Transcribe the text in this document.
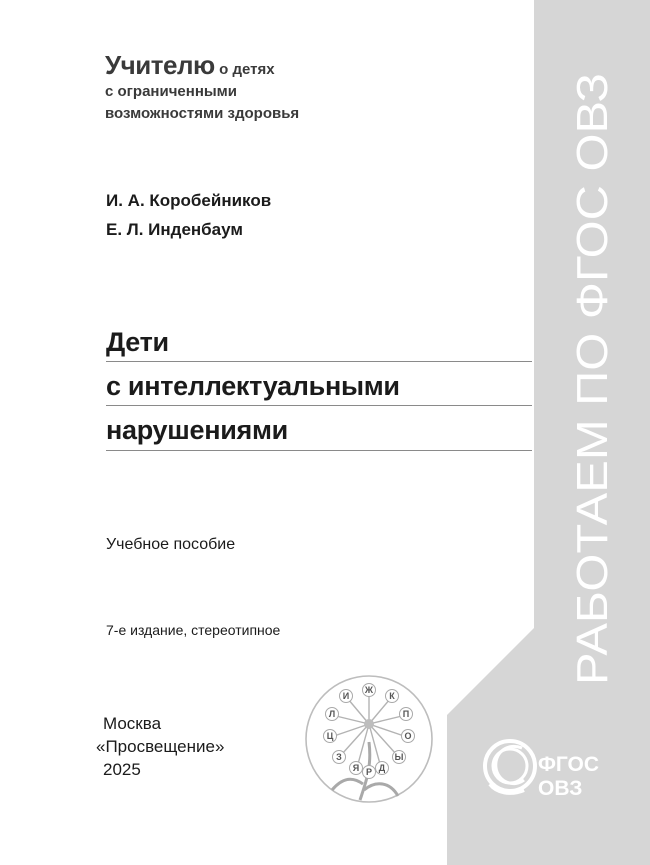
РАБОТАЕМ ПО ФГОС ОВЗ
Учителю о детях
с ограниченными
возможностями здоровья
И. А. Коробейников
Е. Л. Инденбаум
Дети
с интеллектуальными
нарушениями
Учебное пособие
7-е издание, стереотипное
Москва
«Просвещение»
2025
Ж
И	К
Л	П
Ц	О
З	Ы
Я Д
Р	ФГОС
ОВЗ
